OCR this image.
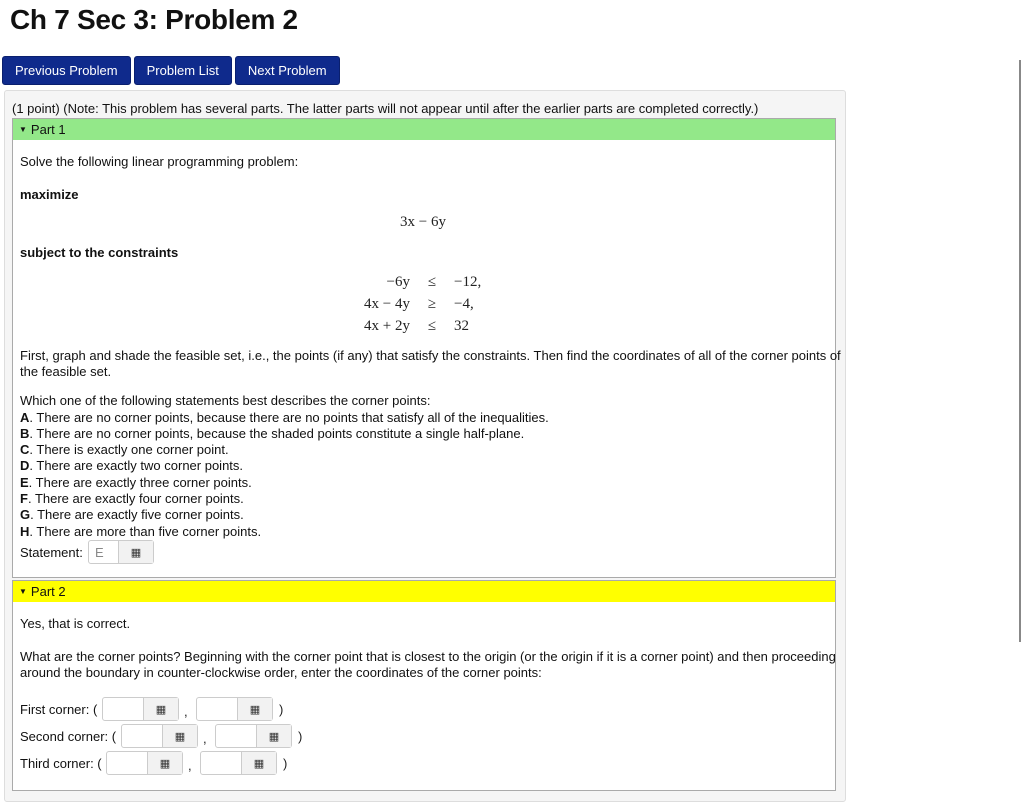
Ch 7 Sec 3: Problem 2
Previous Problem	Problem List	Next Problem
(1 point) (Note: This problem has several parts. The latter parts will not appear until after the earlier parts are completed correctly.)
▼ Part 1
Solve the following linear programming problem:
maximize
3x − 6y
subject to the constraints
−6y	≤	−12,
4x − 4y	≥	−4,
4x + 2y	≤	32
First, graph and shade the feasible set, i.e., the points (if any) that satisfy the constraints. Then find the coordinates of all of the corner points of
the feasible set.
Which one of the following statements best describes the corner points:
A. There are no corner points, because there are no points that satisfy all of the inequalities.
B. There are no corner points, because the shaded points constitute a single half-plane.
C. There is exactly one corner point.
D. There are exactly two corner points.
E. There are exactly three corner points.
F. There are exactly four corner points.
G. There are exactly five corner points.
H. There are more than five corner points.
Statement: E	▦
▼ Part 2
Yes, that is correct.
What are the corner points? Beginning with the corner point that is closest to the origin (or the origin if it is a corner point) and then proceeding
around the boundary in counter-clockwise order, enter the coordinates of the corner points:
First corner: (	▦	,	▦	)
Second corner: (	▦	,	▦	)
Third corner: (	▦	,	▦	)
